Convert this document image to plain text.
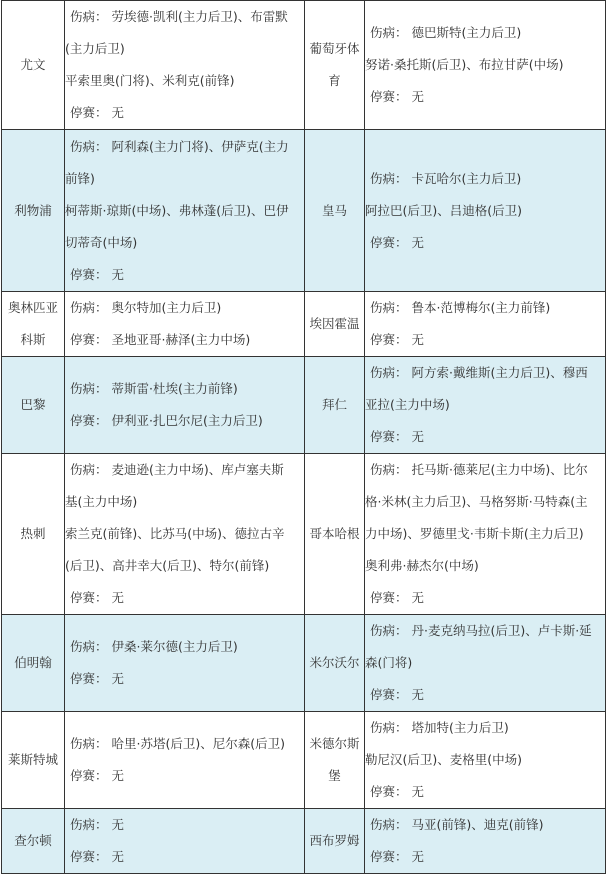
尤文	伤病： 劳埃德·凯利(主力后卫)、布雷默
(主力后卫)
平索里奥(门将)、米利克(前锋)
停赛： 无	葡萄牙体育	伤病： 德巴斯特(主力后卫)
努诺·桑托斯(后卫)、布拉甘萨(中场)
停赛： 无

利物浦	伤病： 阿利森(主力门将)、伊萨克(主力
前锋)
柯蒂斯·琼斯(中场)、弗林蓬(后卫)、巴伊
切蒂奇(中场)
停赛： 无	皇马	伤病： 卡瓦哈尔(主力后卫)
阿拉巴(后卫)、吕迪格(后卫)
停赛： 无

奥林匹亚科斯	伤病： 奥尔特加(主力后卫)
停赛： 圣地亚哥·赫泽(主力中场)	埃因霍温	伤病： 鲁本·范博梅尔(主力前锋)
停赛： 无

巴黎	伤病： 蒂斯雷·杜埃(主力前锋)
停赛： 伊利亚·扎巴尔尼(主力后卫)	拜仁	伤病： 阿方索·戴维斯(主力后卫)、穆西
亚拉(主力中场)
停赛： 无

热刺	伤病： 麦迪逊(主力中场)、库卢塞夫斯
基(主力中场)
索兰克(前锋)、比苏马(中场)、德拉古辛
(后卫)、高井幸大(后卫)、特尔(前锋)
停赛： 无	哥本哈根	伤病： 托马斯·德莱尼(主力中场)、比尔
格·米林(主力后卫)、马格努斯·马特森(主
力中场)、罗德里戈·韦斯卡斯(主力后卫)
奥利弗·赫杰尔(中场)
停赛： 无

伯明翰	伤病： 伊桑·莱尔德(主力后卫)
停赛： 无	米尔沃尔	伤病： 丹·麦克纳马拉(后卫)、卢卡斯·延
森(门将)
停赛： 无

莱斯特城	伤病： 哈里·苏塔(后卫)、尼尔森(后卫)
停赛： 无	米德尔斯堡	伤病： 塔加特(主力后卫)
勒尼汉(后卫)、麦格里(中场)
停赛： 无

查尔顿	伤病： 无
停赛： 无	西布罗姆	伤病： 马亚(前锋)、迪克(前锋)
停赛： 无
